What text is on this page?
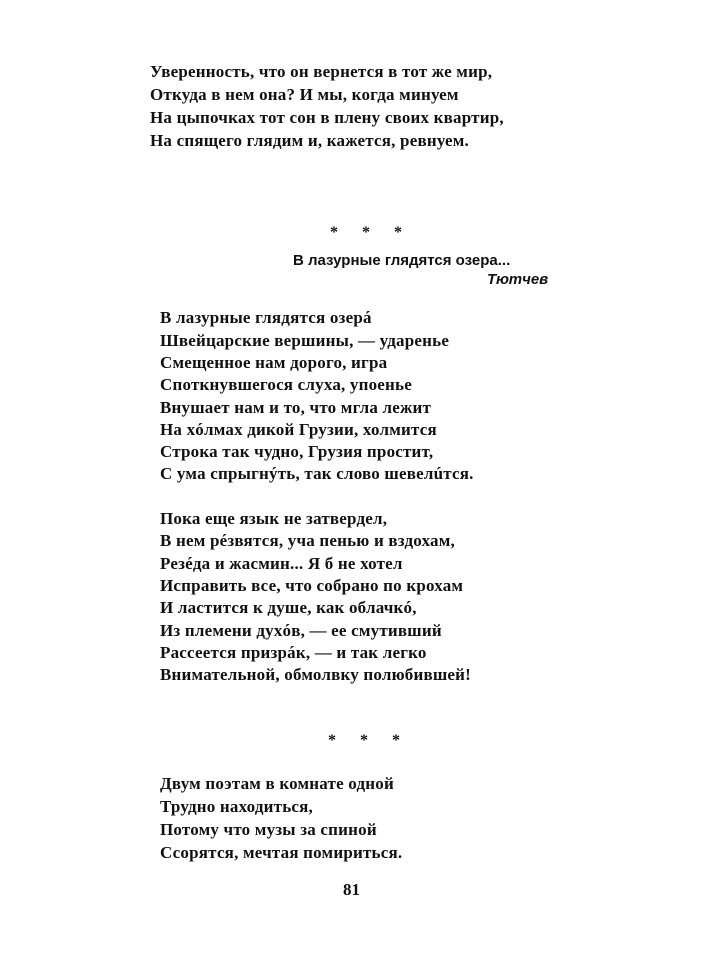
Уверенность, что он вернется в тот же мир,
Откуда в нем она? И мы, когда минуем
На цыпочках тот сон в плену своих квартир,
На спящего глядим и, кажется, ревнуем.
* * *
В лазурные глядятся озера...
Тютчев
В лазурные глядятся озерá
Швейцарские вершины, — ударенье
Смещенное нам дорого, игра
Споткнувшегося слуха, упоенье
Внушает нам и то, что мгла лежит
На хóлмах дикой Грузии, холмится
Строка так чудно, Грузия простит,
С ума спрыгнýть, так слово шевелúтся.
Пока еще язык не затвердел,
В нем рéзвятся, уча пенью и вздохам,
Резéда и жасмин... Я б не хотел
Исправить все, что собрано по крохам
И ластится к душе, как облачкó,
Из племени духóв, — ее смутивший
Рассеется призрáк, — и так легко
Внимательной, обмолвку полюбившей!
* * *
Двум поэтам в комнате одной
Трудно находиться,
Потому что музы за спиной
Ссорятся, мечтая помириться.
81
